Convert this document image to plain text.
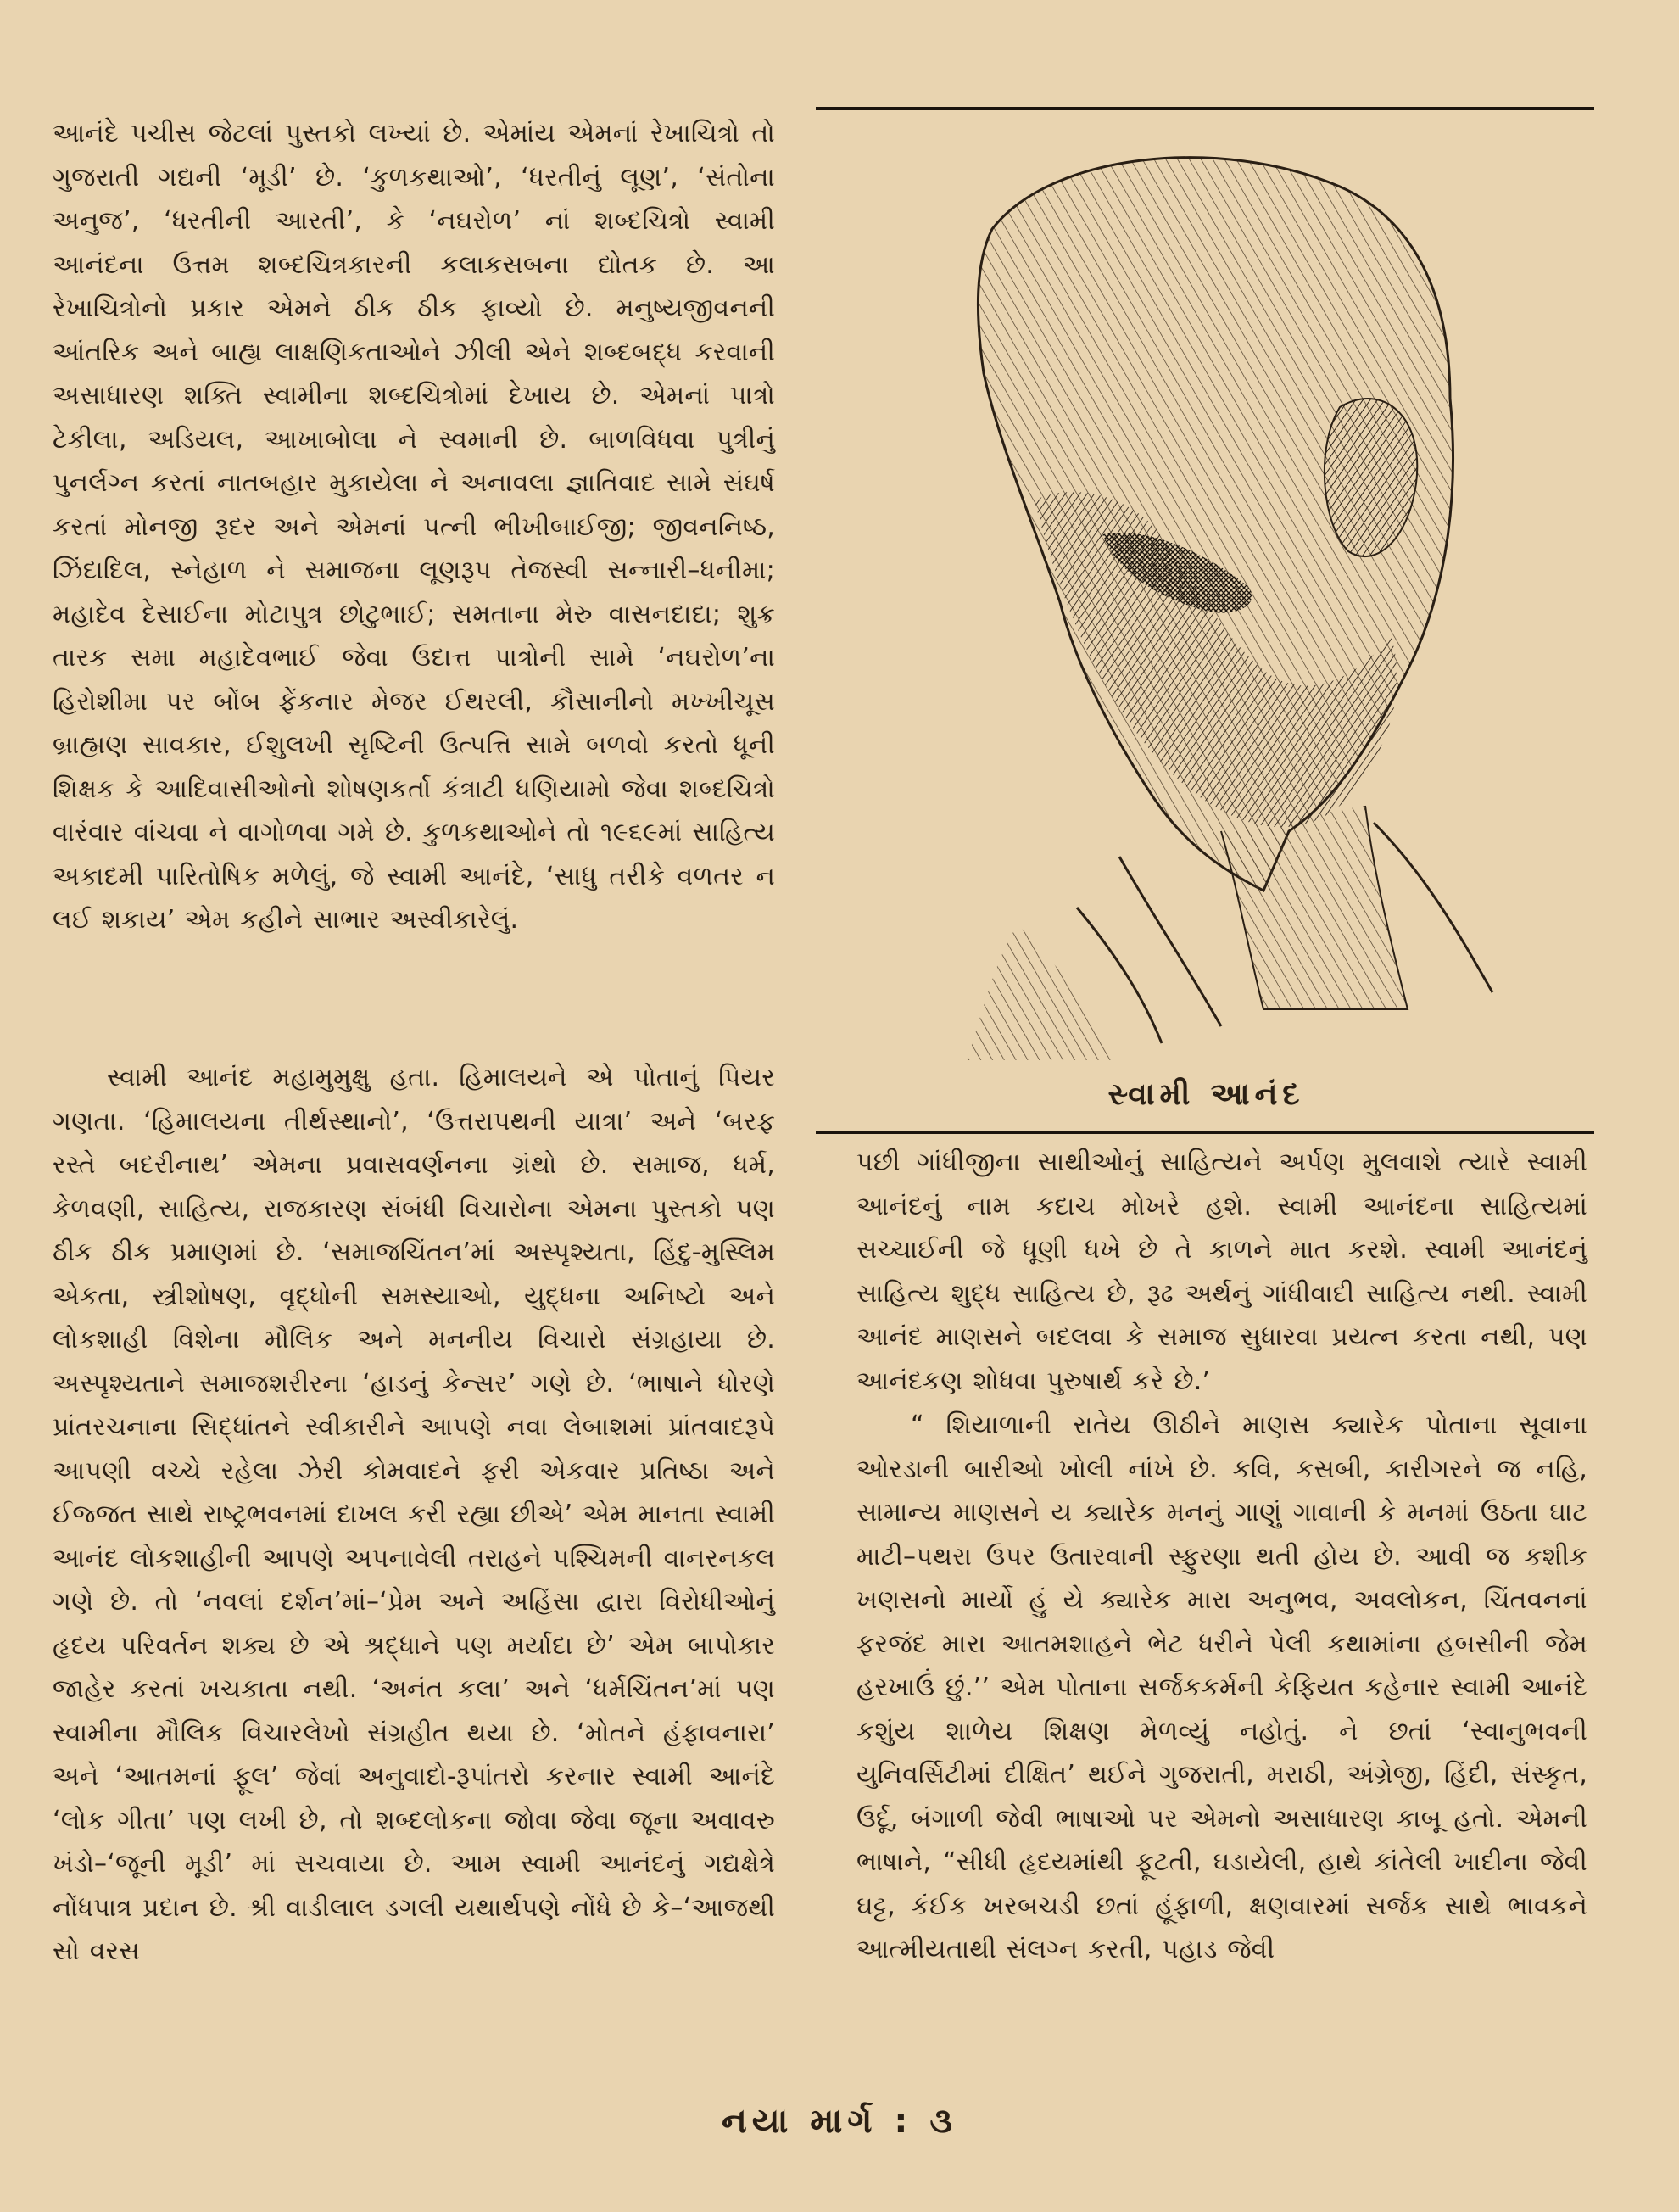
આનંદે પચીસ જેટલાં પુસ્તકો લખ્યાં છે. એમાંય એમનાં રેખાચિત્રો તો ગુજરાતી ગદ્યની ‘મૂડી’ છે. ‘કુળકથાઓ’, ‘ધરતીનું લૂણ’, ‘સંતોના અનુજ’, ‘ધરતીની આરતી’, કે ‘નઘરોળ’ નાં શબ્દચિત્રો સ્વામી આનંદના ઉત્તમ શબ્દચિત્રકારની કલાકસબના દ્યોતક છે. આ રેખાચિત્રોનો પ્રકાર એમને ઠીક ઠીક ફાવ્યો છે. મનુષ્યજીવનની આંતરિક અને બાહ્ય લાક્ષણિકતાઓને ઝીલી એને શબ્દબદ્ધ કરવાની અસાધારણ શક્તિ સ્વામીના શબ્દચિત્રોમાં દેખાય છે. એમનાં પાત્રો ટેકીલા, અડિયલ, આખાબોલા ને સ્વમાની છે. બાળવિધવા પુત્રીનું પુનર્લગ્ન કરતાં નાતબહાર મુકાયેલા ને અનાવલા જ્ઞાતિવાદ સામે સંઘર્ષ કરતાં મોનજી રૂદર અને એમનાં પત્ની ભીખીબાઈજી; જીવનનિષ્ઠ, ઝિંદાદિલ, સ્નેહાળ ને સમાજના લૂણરૂપ તેજસ્વી સન્નારી–ધનીમા; મહાદેવ દેસાઈના મોટાપુત્ર છોટુભાઈ; સમતાના મેરુ વાસનદાદા; શુક્ર તારક સમા મહાદેવભાઈ જેવા ઉદાત્ત પાત્રોની સામે ‘નઘરોળ’ના હિરોશીમા પર બોંબ ફેંકનાર મેજર ઈથરલી, કૌસાનીનો મખ્ખીચૂસ બ્રાહ્મણ સાવકાર, ઈશુલખી સૃષ્ટિની ઉત્પત્તિ સામે બળવો કરતો ધૂની શિક્ષક કે આદિવાસીઓનો શોષણકર્તા કંત્રાટી ધણિયામો જેવા શબ્દચિત્રો વારંવાર વાંચવા ને વાગોળવા ગમે છે. કુળકથાઓને તો ૧૯૬૯માં સાહિત્ય અકાદમી પારિતોષિક મળેલું, જે સ્વામી આનંદે, ‘સાધુ તરીકે વળતર ન લઈ શકાય’ એમ કહીને સાભાર અસ્વીકારેલું.

સ્વામી આનંદ મહામુમુક્ષુ હતા. હિમાલયને એ પોતાનું પિયર ગણતા. ‘હિમાલયના તીર્થસ્થાનો’, ‘ઉત્તરાપથની યાત્રા’ અને ‘બરફ રસ્તે બદરીનાથ’ એમના પ્રવાસવર્ણનના ગ્રંથો છે. સમાજ, ધર્મ, કેળવણી, સાહિત્ય, રાજકારણ સંબંધી વિચારોના એમના પુસ્તકો પણ ઠીક ઠીક પ્રમાણમાં છે. ‘સમાજચિંતન’માં અસ્પૃશ્યતા, હિંદુ-મુસ્લિમ એકતા, સ્ત્રીશોષણ, વૃદ્ધોની સમસ્યાઓ, યુદ્ધના અનિષ્ટો અને લોકશાહી વિશેના મૌલિક અને મનનીય વિચારો સંગ્રહાયા છે. અસ્પૃશ્યતાને સમાજશરીરના ‘હાડનું કેન્સર’ ગણે છે. ‘ભાષાને ધોરણે પ્રાંતરચનાના સિદ્ધાંતને સ્વીકારીને આપણે નવા લેબાશમાં પ્રાંતવાદરૂપે આપણી વચ્ચે રહેલા ઝેરી કોમવાદને ફરી એકવાર પ્રતિષ્ઠા અને ઈજ્જત સાથે રાષ્ટ્રભવનમાં દાખલ કરી રહ્યા છીએ’ એમ માનતા સ્વામી આનંદ લોકશાહીની આપણે અપનાવેલી તરાહને પશ્ચિમની વાનરનકલ ગણે છે. તો ‘નવલાં દર્શન’માં–‘પ્રેમ અને અહિંસા દ્વારા વિરોધીઓનું હૃદય પરિવર્તન શક્ય છે એ શ્રદ્ધાને પણ મર્યાદા છે’ એમ બાપોકાર જાહેર કરતાં ખચકાતા નથી. ‘અનંત કલા’ અને ‘ધર્મચિંતન’માં પણ સ્વામીના મૌલિક વિચારલેખો સંગ્રહીત થયા છે. ‘મોતને હંફાવનારા’ અને ‘આતમનાં ફૂલ’ જેવાં અનુવાદો-રૂપાંતરો કરનાર સ્વામી આનંદે ‘લોક ગીતા’ પણ લખી છે, તો શબ્દલોકના જોવા જેવા જૂના અવાવરુ ખંડો–‘જૂની મૂડી’ માં સચવાયા છે. આમ સ્વામી આનંદનું ગદ્યક્ષેત્રે નોંધપાત્ર પ્રદાન છે. શ્રી વાડીલાલ ડગલી યથાર્થપણે નોંધે છે કે–‘આજથી સો વરસ

સ્વામી આનંદ

પછી ગાંધીજીના સાથીઓનું સાહિત્યને અર્પણ મુલવાશે ત્યારે સ્વામી આનંદનું નામ કદાચ મોખરે હશે. સ્વામી આનંદના સાહિત્યમાં સચ્ચાઈની જે ધૂણી ધખે છે તે કાળને માત કરશે. સ્વામી આનંદનું સાહિત્ય શુદ્ધ સાહિત્ય છે, રૂઢ અર્થનું ગાંધીવાદી સાહિત્ય નથી. સ્વામી આનંદ માણસને બદલવા કે સમાજ સુધારવા પ્રયત્ન કરતા નથી, પણ આનંદકણ શોધવા પુરુષાર્થ કરે છે.’

“ શિયાળાની રાતેય ઊઠીને માણસ ક્યારેક પોતાના સૂવાના ઓરડાની બારીઓ ખોલી નાંખે છે. કવિ, કસબી, કારીગરને જ નહિ, સામાન્ય માણસને ય ક્યારેક મનનું ગાણું ગાવાની કે મનમાં ઉઠતા ઘાટ માટી–પથરા ઉપર ઉતારવાની સ્ફુરણા થતી હોય છે. આવી જ કશીક ખણસનો માર્યો હું યે ક્યારેક મારા અનુભવ, અવલોકન, ચિંતવનનાં ફરજંદ મારા આતમશાહને ભેટ ધરીને પેલી કથામાંના હબસીની જેમ હરખાઉં છું.’’ એમ પોતાના સર્જકકર્મની કેફિયત કહેનાર સ્વામી આનંદે કશુંય શાળેય શિક્ષણ મેળવ્યું નહોતું. ને છતાં ‘સ્વાનુભવની યુનિવર્સિટીમાં દીક્ષિત’ થઈને ગુજરાતી, મરાઠી, અંગ્રેજી, હિંદી, સંસ્કૃત, ઉર્દૂ, બંગાળી જેવી ભાષાઓ પર એમનો અસાધારણ કાબૂ હતો. એમની ભાષાને, “સીધી હૃદયમાંથી ફૂટતી, ઘડાયેલી, હાથે કાંતેલી ખાદીના જેવી ઘટ્ટ, કંઈક ખરબચડી છતાં હૂંફાળી, ક્ષણવારમાં સર્જક સાથે ભાવકને આત્મીયતાથી સંલગ્ન કરતી, પહાડ જેવી

નયા માર્ગ : ૩
